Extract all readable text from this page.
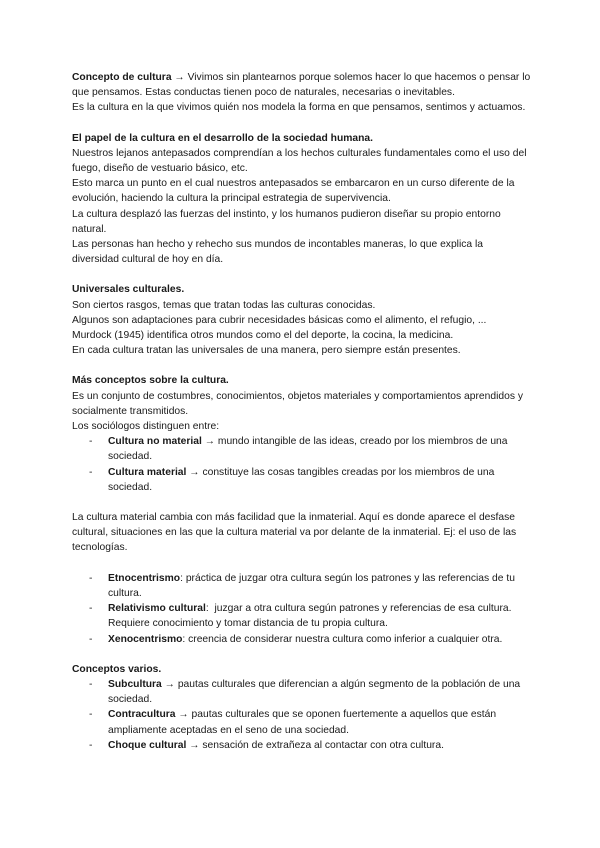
Concepto de cultura → Vivimos sin plantearnos porque solemos hacer lo que hacemos o pensar lo que pensamos. Estas conductas tienen poco de naturales, necesarias o inevitables.

Es la cultura en la que vivimos quién nos modela la forma en que pensamos, sentimos y actuamos.

El papel de la cultura en el desarrollo de la sociedad humana.

Nuestros lejanos antepasados comprendían a los hechos culturales fundamentales como el uso del fuego, diseño de vestuario básico, etc.

Esto marca un punto en el cual nuestros antepasados se embarcaron en un curso diferente de la evolución, haciendo la cultura la principal estrategia de supervivencia.

La cultura desplazó las fuerzas del instinto, y los humanos pudieron diseñar su propio entorno natural.

Las personas han hecho y rehecho sus mundos de incontables maneras, lo que explica la diversidad cultural de hoy en día.

Universales culturales.

Son ciertos rasgos, temas que tratan todas las culturas conocidas.

Algunos son adaptaciones para cubrir necesidades básicas como el alimento, el refugio, ...

Murdock (1945) identifica otros mundos como el del deporte, la cocina, la medicina.

En cada cultura tratan las universales de una manera, pero siempre están presentes.

Más conceptos sobre la cultura.

Es un conjunto de costumbres, conocimientos, objetos materiales y comportamientos aprendidos y socialmente transmitidos.

Los sociólogos distinguen entre:

- Cultura no material → mundo intangible de las ideas, creado por los miembros de una sociedad.
- Cultura material → constituye las cosas tangibles creadas por los miembros de una sociedad.

La cultura material cambia con más facilidad que la inmaterial. Aquí es donde aparece el desfase cultural, situaciones en las que la cultura material va por delante de la inmaterial. Ej: el uso de las tecnologías.

- Etnocentrismo: práctica de juzgar otra cultura según los patrones y las referencias de tu cultura.
- Relativismo cultural:  juzgar a otra cultura según patrones y referencias de esa cultura. Requiere conocimiento y tomar distancia de tu propia cultura.
- Xenocentrismo: creencia de considerar nuestra cultura como inferior a cualquier otra.

Conceptos varios.

- Subcultura → pautas culturales que diferencian a algún segmento de la población de una sociedad.
- Contracultura → pautas culturales que se oponen fuertemente a aquellos que están ampliamente aceptadas en el seno de una sociedad.
- Choque cultural → sensación de extrañeza al contactar con otra cultura.
